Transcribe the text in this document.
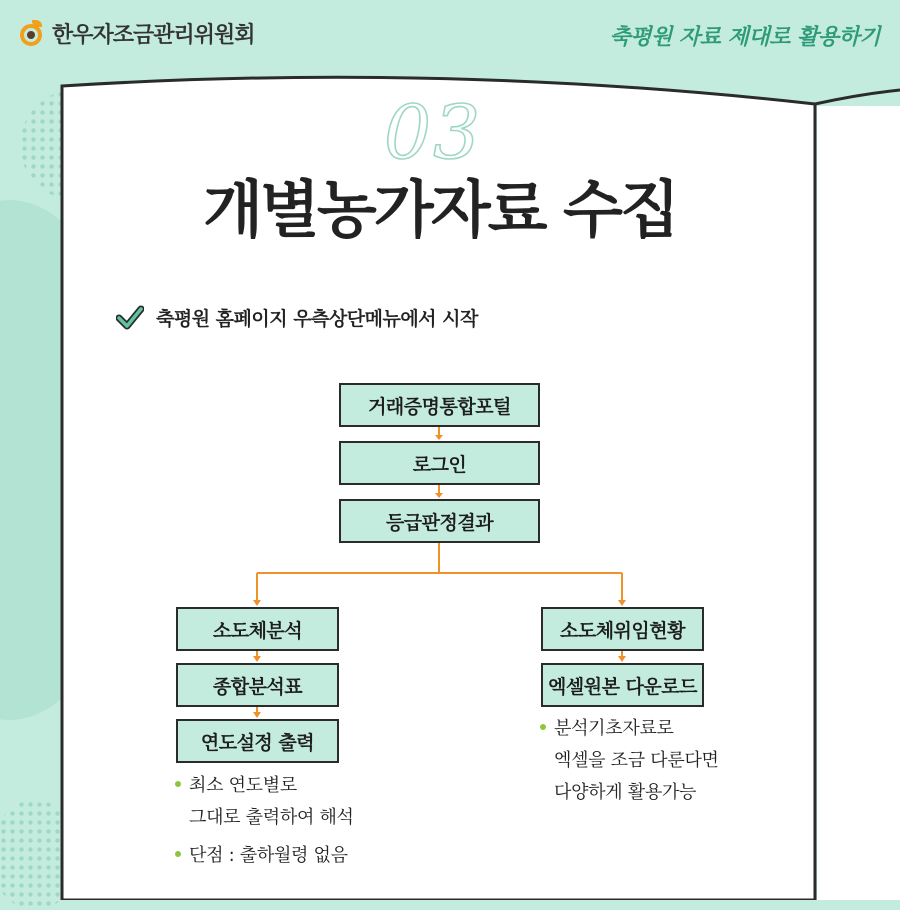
한우자조금관리위원회	축평원 자료 제대로 활용하기
03
개별농가자료 수집
축평원 홈페이지 우측상단메뉴에서 시작
거래증명통합포털
로그인
등급판정결과
소도체분석
종합분석표
연도설정 출력
소도체위임현황
엑셀원본 다운로드
최소 연도별로
그대로 출력하여 해석
단점 : 출하월령 없음
분석기초자료로
엑셀을 조금 다룬다면
다양하게 활용가능
